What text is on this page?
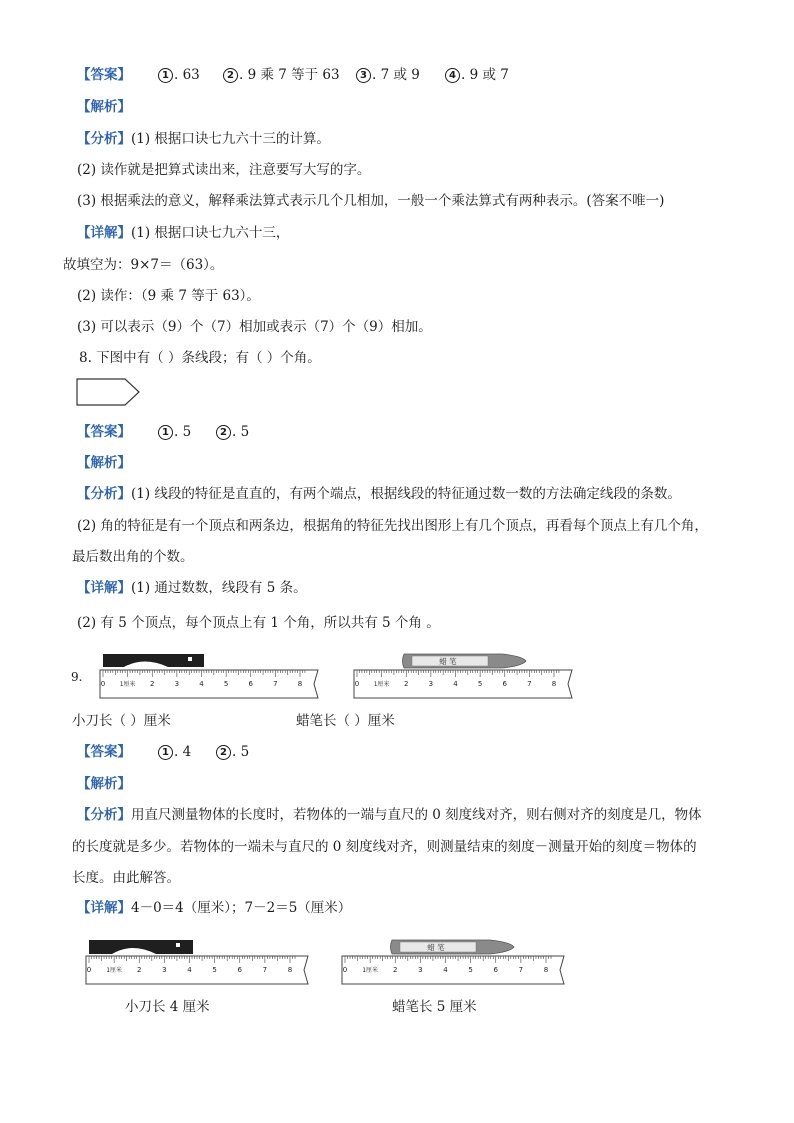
【答案】	1 . 63	2 . 9 乘 7 等于 63	3 . 7 或 9	4 . 9 或 7
【解析】
【分析】(1) 根据口诀七九六十三的计算。
(2) 读作就是把算式读出来，注意要写大写的字。
(3) 根据乘法的意义，解释乘法算式表示几个几相加，一般一个乘法算式有两种表示。(答案不唯一)
【详解】(1) 根据口诀七九六十三，
故填空为：9×7＝（63）。
(2) 读作：（9 乘 7 等于 63）。
(3) 可以表示（9）个（7）相加或表示（7）个（9）相加。
8. 下图中有（ ）条线段；有（ ）个角。
【答案】	1 . 5	2 . 5
【解析】
【分析】(1) 线段的特征是直直的，有两个端点，根据线段的特征通过数一数的方法确定线段的条数。
(2) 角的特征是有一个顶点和两条边，根据角的特征先找出图形上有几个顶点，再看每个顶点上有几个角，
最后数出角的个数。
【详解】(1) 通过数数，线段有 5 条。
(2) 有 5 个顶点，每个顶点上有 1 个角，所以共有 5 个角 。
9.	0 1厘米 2	3	4	5	6	7	8
蜡 笔
0 1厘米 2	3	4	5	6	7	8
小刀长（ ）厘米	蜡笔长（ ）厘米
【答案】	1 . 4	2 . 5
【解析】
【分析】用直尺测量物体的长度时，若物体的一端与直尺的 0 刻度线对齐，则右侧对齐的刻度是几，物体
的长度就是多少。若物体的一端未与直尺的 0 刻度线对齐，则测量结束的刻度－测量开始的刻度＝物体的
长度。由此解答。
【详解】4－0＝4（厘米）；7－2＝5（厘米）
0 1厘米 2	3	4	5	6	7	8
蜡 笔
0 1厘米 2	3	4	5	6	7	8
小刀长 4 厘米	蜡笔长 5 厘米
